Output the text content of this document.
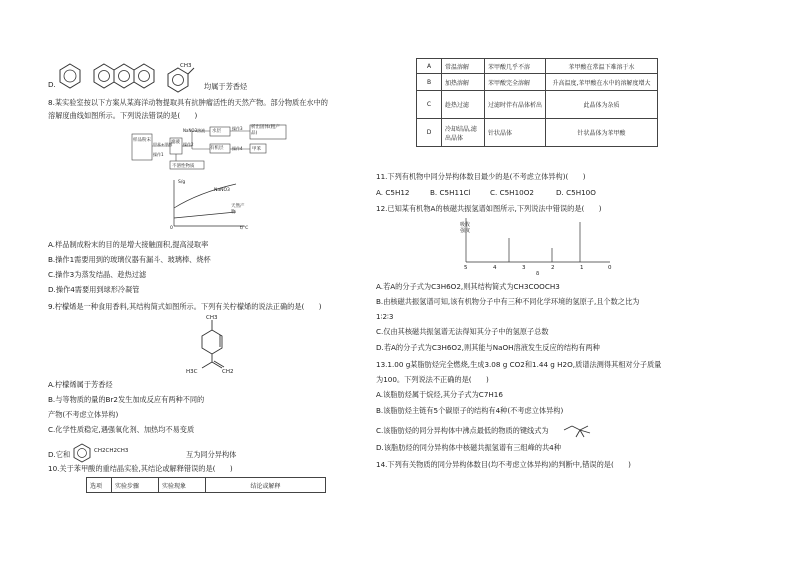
D.
CH3
均属于芳香烃
8.某实验室按以下方案从某海洋动物提取具有抗肿瘤活性的天然产物。部分物质在水中的
溶解度曲线如图所示。下列说法错误的是(　　)
样品粉末
甲苯+甲醇
操作1
滤液
不溶性物质
NaNO3溶液
操作2
水层
有机层
操作3
操作4
析出固体(粗产品)
甲苯
S/g
NaNO3
天然产物
0	t/℃
A.样品制成粉末的目的是增大接触面积,提高浸取率
B.操作1需要用到的玻璃仪器有漏斗、玻璃棒、烧杯
C.操作3为蒸发结晶、趁热过滤
D.操作4需要用到球形冷凝管
9.柠檬烯是一种食用香料,其结构简式如图所示。下列有关柠檬烯的说法正确的是(　　)
CH3
H3C	CH2
A.柠檬烯属于芳香烃
B.与等物质的量的Br2发生加成反应有两种不同的
产物(不考虑立体异构)
C.化学性质稳定,遇强氧化剂、加热均不易变质
D.它和	CH2CH2CH3	互为同分异构体
10.关于苯甲酸的重结晶实验,其结论或解释错误的是(　　)
选项	实验步骤	实验现象	结论或解释
A	常温溶解	苯甲酸几乎不溶	苯甲酸在常温下难溶于水
B	加热溶解	苯甲酸完全溶解	升高温度,苯甲酸在水中的溶解度增大
C	趁热过滤	过滤时伴有晶体析出	此晶体为杂质
D	冷却结晶,滤出晶体	针状晶体	针状晶体为苯甲酸
11.下列有机物中同分异构体数目最少的是(不考虑立体异构)(　　)
A. C5H12	B. C5H11Cl	C. C5H10O2	D. C5H10O
12.已知某有机物A的核磁共振氢谱如图所示,下列说法中错误的是(　　)
吸收强度
5	4	3	2	1	0
δ
A.若A的分子式为C3H6O2,则其结构简式为CH3COOCH3
B.由核磁共振氢谱可知,该有机物分子中有三种不同化学环境的氢原子,且个数之比为
1∶2∶3
C.仅由其核磁共振氢谱无法得知其分子中的氢原子总数
D.若A的分子式为C3H6O2,则其能与NaOH溶液发生反应的结构有两种
13.1.00 g某脂肪烃完全燃烧,生成3.08 g CO2和1.44 g H2O,质谱法测得其相对分子质量
为100。下列说法不正确的是(　　)
A.该脂肪烃属于烷烃,其分子式为C7H16
B.该脂肪烃主链有5个碳原子的结构有4种(不考虑立体异构)
C.该脂肪烃的同分异构体中沸点最低的物质的键线式为
D.该脂肪烃的同分异构体中核磁共振氢谱有三组峰的共4种
14.下列有关物质的同分异构体数目(均不考虑立体异构)的判断中,错误的是(　　)
